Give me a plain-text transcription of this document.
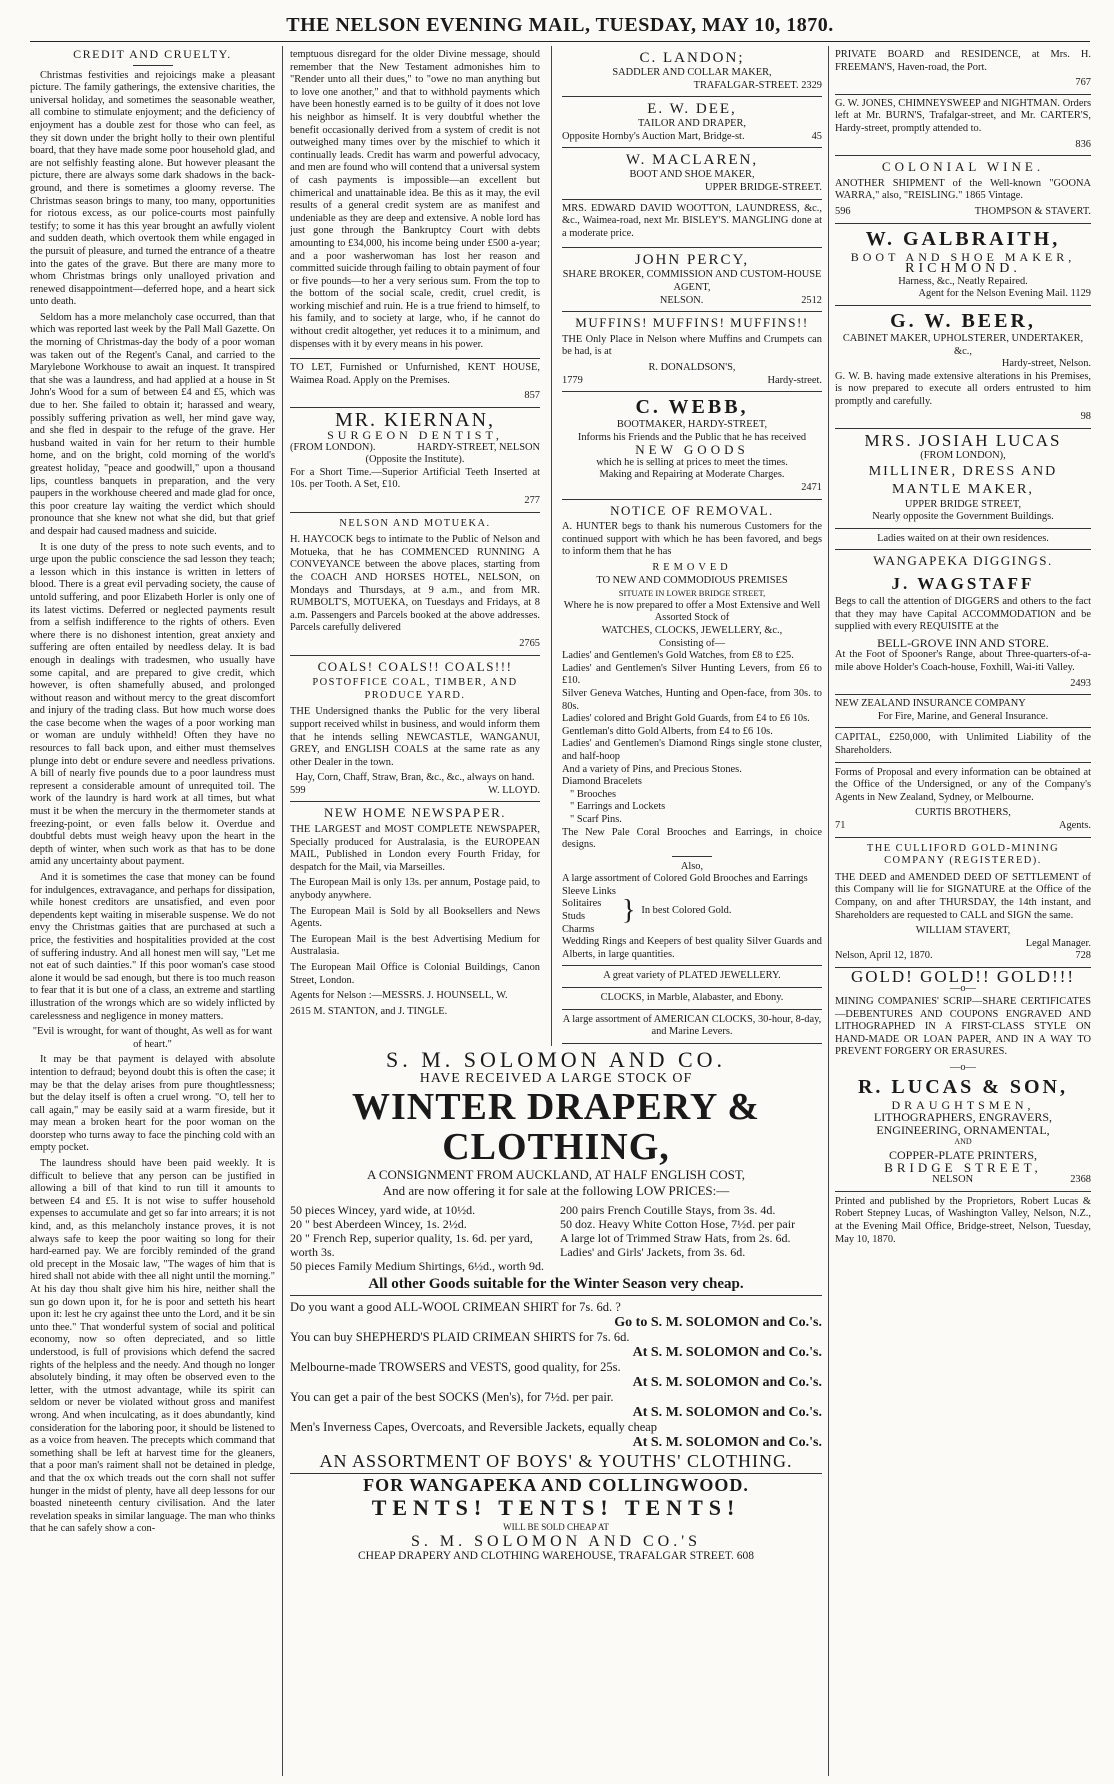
THE NELSON EVENING MAIL, TUESDAY, MAY 10, 1870.
CREDIT AND CRUELTY.

Christmas festivities and rejoicings make a pleasant picture. The family gatherings, the extensive charities, the universal holiday, and sometimes the seasonable weather, all combine to stimulate enjoyment; and the deficiency of enjoyment has a double zest for those who can feel, as they sit down under the bright holly to their own plentiful board, that they have made some poor household glad, and are not selfishly feasting alone. But however pleasant the picture, there are always some dark shadows in the back-ground, and there is sometimes a gloomy reverse. The Christmas season brings to many, too many, opportunities for riotous excess, as our police-courts most painfully testify; to some it has this year brought an awfully violent and sudden death, which overtook them while engaged in the pursuit of pleasure, and turned the entrance of a theatre into the gates of the grave. But there are many more to whom Christmas brings only unalloyed privation and renewed disappointment—deferred hope, and a heart sick unto death.

Seldom has a more melancholy case occurred, than that which was reported last week by the Pall Mall Gazette. On the morning of Christmas-day the body of a poor woman was taken out of the Regent's Canal, and carried to the Marylebone Workhouse to await an inquest. It transpired that she was a laundress, and had applied at a house in St John's Wood for a sum of between £4 and £5, which was due to her. She failed to obtain it; harassed and weary, possibly suffering privation as well, her mind gave way, and she fled in despair to the refuge of the grave. Her husband waited in vain for her return to their humble home, and on the bright, cold morning of the world's greatest holiday, "peace and goodwill," upon a thousand lips, countless banquets in preparation, and the very paupers in the workhouse cheered and made glad for once, this poor creature lay waiting the verdict which should pronounce that she knew not what she did, but that grief and despair had caused madness and suicide.

It is one duty of the press to note such events, and to urge upon the public conscience the sad lesson they teach; a lesson which in this instance is written in letters of blood. There is a great evil pervading society, the cause of untold suffering, and poor Elizabeth Horler is only one of its latest victims. Deferred or neglected payments result from a selfish indifference to the rights of others. Even where there is no dishonest intention, great anxiety and suffering are often entailed by needless delay. It is bad enough in dealings with tradesmen, who usually have some capital, and are prepared to give credit, which however, is often shamefully abused, and prolonged without reason and without mercy to the great discomfort and injury of the trading class. But how much worse does the case become when the wages of a poor working man or woman are unduly withheld! Often they have no resources to fall back upon, and either must themselves plunge into debt or endure severe and needless privations. A bill of nearly five pounds due to a poor laundress must represent a considerable amount of unrequited toil. The work of the laundry is hard work at all times, but what must it be when the mercury in the thermometer stands at freezing-point, or even falls below it. Overdue and doubtful debts must weigh heavy upon the heart in the depth of winter, when such work as that has to be done amid any uncertainty about payment.

And it is sometimes the case that money can be found for indulgences, extravagance, and perhaps for dissipation, while honest creditors are unsatisfied, and even poor dependents kept waiting in miserable suspense. We do not envy the Christmas gaities that are purchased at such a price, the festivities and hospitalities provided at the cost of suffering industry. And all honest men will say, "Let me not eat of such dainties." If this poor woman's case stood alone it would be sad enough, but there is too much reason to fear that it is but one of a class, an extreme and startling illustration of the wrongs which are so widely inflicted by carelessness and negligence in money matters.

"Evil is wrought, for want of thought, As well as for want of heart."

It may be that payment is delayed with absolute intention to defraud; beyond doubt this is often the case; it may be that the delay arises from pure thoughtlessness; but the delay itself is often a cruel wrong. "O, tell her to call again," may be easily said at a warm fireside, but it may mean a broken heart for the poor woman on the doorstep who turns away to face the pinching cold with an empty pocket.

The laundress should have been paid weekly. It is difficult to believe that any person can be justified in allowing a bill of that kind to run till it amounts to between £4 and £5. It is not wise to suffer household expenses to accumulate and get so far into arrears; it is not kind, and, as this melancholy instance proves, it is not always safe to keep the poor waiting so long for their hard-earned pay. We are forcibly reminded of the grand old precept in the Mosaic law, "The wages of him that is hired shall not abide with thee all night until the morning." At his day thou shalt give him his hire, neither shall the sun go down upon it, for he is poor and setteth his heart upon it: lest he cry against thee unto the Lord, and it be sin unto thee." That wonderful system of social and political economy, now so often depreciated, and so little understood, is full of provisions which defend the sacred rights of the helpless and the needy. And though no longer absolutely binding, it may often be observed even to the letter, with the utmost advantage, while its spirit can seldom or never be violated without gross and manifest wrong. And when inculcating, as it does abundantly, kind consideration for the laboring poor, it should be listened to as a voice from heaven. The precepts which command that something shall be left at harvest time for the gleaners, that a poor man's raiment shall not be detained in pledge, and that the ox which treads out the corn shall not suffer hunger in the midst of plenty, have all deep lessons for our boasted nineteenth century civilisation. And the later revelation speaks in similar language. The man who thinks that he can safely show a con-

temptuous disregard for the older Divine message, should remember that the New Testament admonishes him to "Render unto all their dues," to "owe no man anything but to love one another," and that to withhold payments which have been honestly earned is to be guilty of it does not love his neighbor as himself. It is very doubtful whether the benefit occasionally derived from a system of credit is not outweighed many times over by the mischief to which it continually leads. Credit has warm and powerful advocacy, and men are found who will contend that a universal system of cash payments is impossible—an excellent but chimerical and unattainable idea. Be this as it may, the evil results of a general credit system are as manifest and undeniable as they are deep and extensive. A noble lord has just gone through the Bankruptcy Court with debts amounting to £34,000, his income being under £500 a-year; and a poor washerwoman has lost her reason and committed suicide through failing to obtain payment of four or five pounds—to her a very serious sum. From the top to the bottom of the social scale, credit, cruel credit, is working mischief and ruin. He is a true friend to himself, to his family, and to society at large, who, if he cannot do without credit altogether, yet reduces it to a minimum, and dispenses with it by every means in his power.

TO LET, Furnished or Unfurnished, KENT HOUSE, Waimea Road. Apply on the Premises.

857
MR. KIERNAN,
SURGEON DENTIST,
(FROM LONDON).	HARDY-STREET, NELSON
(Opposite the Institute).

For a Short Time.—Superior Artificial Teeth Inserted at 10s. per Tooth. A Set, £10.

277
NELSON AND MOTUEKA.

H. HAYCOCK begs to intimate to the Public of Nelson and Motueka, that he has COMMENCED RUNNING A CONVEYANCE between the above places, starting from the COACH AND HORSES HOTEL, NELSON, on Mondays and Thursdays, at 9 a.m., and from MR. RUMBOLT'S, MOTUEKA, on Tuesdays and Fridays, at 8 a.m. Passengers and Parcels booked at the above addresses. Parcels carefully delivered

2765
COALS! COALS!! COALS!!!
POSTOFFICE COAL, TIMBER, AND PRODUCE YARD.

THE Undersigned thanks the Public for the very liberal support received whilst in business, and would inform them that he intends selling NEWCASTLE, WANGANUI, GREY, and ENGLISH COALS at the same rate as any other Dealer in the town.

Hay, Corn, Chaff, Straw, Bran, &c., &c., always on hand.
599	W. LLOYD.
NEW HOME NEWSPAPER.

THE LARGEST and MOST COMPLETE NEWSPAPER, Specially produced for Australasia, is the EUROPEAN MAIL, Published in London every Fourth Friday, for despatch for the Mail, via Marseilles.

The European Mail is only 13s. per annum, Postage paid, to anybody anywhere.

The European Mail is Sold by all Booksellers and News Agents.

The European Mail is the best Advertising Medium for Australasia.

The European Mail Office is Colonial Buildings, Canon Street, London.

Agents for Nelson :—MESSRS. J. HOUNSELL, W.

2615 M. STANTON, and J. TINGLE.
C. LANDON;
SADDLER AND COLLAR MAKER,
TRAFALGAR-STREET. 2329
E. W. DEE,
TAILOR AND DRAPER,
Opposite Hornby's Auction Mart, Bridge-st.	45
W. MACLAREN,
BOOT AND SHOE MAKER,
UPPER BRIDGE-STREET.

MRS. EDWARD DAVID WOOTTON, LAUNDRESS, &c., &c., Waimea-road, next Mr. BISLEY'S. MANGLING done at a moderate price.

JOHN PERCY,
SHARE BROKER, COMMISSION AND CUSTOM-HOUSE AGENT,
NELSON.	2512
MUFFINS! MUFFINS! MUFFINS!!

THE Only Place in Nelson where Muffins and Crumpets can be had, is at

R. DONALDSON'S,
1779	Hardy-street.
C. WEBB,
BOOTMAKER, HARDY-STREET,
Informs his Friends and the Public that he has received
NEW GOODS
which he is selling at prices to meet the times.
Making and Repairing at Moderate Charges.
2471
NOTICE OF REMOVAL.

A. HUNTER begs to thank his numerous Customers for the continued support with which he has been favored, and begs to inform them that he has

REMOVED
TO NEW AND COMMODIOUS PREMISES
SITUATE IN LOWER BRIDGE STREET,
Where he is now prepared to offer a Most Extensive and Well Assorted Stock of
WATCHES, CLOCKS, JEWELLERY, &c.,
Consisting of—
Ladies' and Gentlemen's Gold Watches, from £8 to £25.
Ladies' and Gentlemen's Silver Hunting Levers, from £6 to £10.
Silver Geneva Watches, Hunting and Open-face, from 30s. to 80s.
Ladies' colored and Bright Gold Guards, from £4 to £6 10s.
Gentleman's ditto Gold Alberts, from £4 to £6 10s.
Ladies' and Gentlemen's Diamond Rings single stone cluster, and half-hoop
And a variety of Pins, and Precious Stones.
Diamond Bracelets
" Brooches
" Earrings and Lockets
" Scarf Pins.
The New Pale Coral Brooches and Earrings, in choice designs.
Also,
A large assortment of Colored Gold Brooches and Earrings
Sleeve Links
Solitaires
Studs
Charms
} In best Colored Gold.
Wedding Rings and Keepers of best quality Silver Guards and Alberts, in large quantities.
A great variety of PLATED JEWELLERY.
CLOCKS, in Marble, Alabaster, and Ebony.
A large assortment of AMERICAN CLOCKS, 30-hour, 8-day, and Marine Levers.

PRIVATE BOARD and RESIDENCE, at Mrs. H. FREEMAN'S, Haven-road, the Port.

767

G. W. JONES, CHIMNEYSWEEP and NIGHTMAN. Orders left at Mr. BURN'S, Trafalgar-street, and Mr. CARTER'S, Hardy-street, promptly attended to.

836
COLONIAL WINE.

ANOTHER SHIPMENT of the Well-known "GOONA WARRA," also, "REISLING." 1865 Vintage.

596	THOMPSON & STAVERT.
W. GALBRAITH,
BOOT AND SHOE MAKER,
RICHMOND.
Harness, &c., Neatly Repaired.
Agent for the Nelson Evening Mail. 1129
G. W. BEER,
CABINET MAKER, UPHOLSTERER, UNDERTAKER, &c.,
Hardy-street, Nelson.

G. W. B. having made extensive alterations in his Premises, is now prepared to execute all orders entrusted to him promptly and carefully.

98
MRS. JOSIAH LUCAS
(FROM LONDON),
MILLINER, DRESS AND MANTLE MAKER,
UPPER BRIDGE STREET,
Nearly opposite the Government Buildings.
Ladies waited on at their own residences.
WANGAPEKA DIGGINGS.
J. WAGSTAFF

Begs to call the attention of DIGGERS and others to the fact that they may have Capital ACCOMMODATION and be supplied with every REQUISITE at the

BELL-GROVE INN AND STORE.

At the Foot of Spooner's Range, about Three-quarters-of-a-mile above Holder's Coach-house, Foxhill, Wai-iti Valley.

2493
NEW ZEALAND INSURANCE COMPANY
For Fire, Marine, and General Insurance.

CAPITAL, £250,000, with Unlimited Liability of the Shareholders.

Forms of Proposal and every information can be obtained at the Office of the Undersigned, or any of the Company's Agents in New Zealand, Sydney, or Melbourne.

CURTIS BROTHERS,
71	Agents.
THE CULLIFORD GOLD-MINING COMPANY (REGISTERED).

THE DEED and AMENDED DEED OF SETTLEMENT of this Company will lie for SIGNATURE at the Office of the Company, on and after THURSDAY, the 14th instant, and Shareholders are requested to CALL and SIGN the same.

WILLIAM STAVERT,
Legal Manager.
Nelson, April 12, 1870.	728
GOLD! GOLD!! GOLD!!!
—o—

MINING COMPANIES' SCRIP—SHARE CERTIFICATES—DEBENTURES AND COUPONS ENGRAVED AND LITHOGRAPHED IN A FIRST-CLASS STYLE ON HAND-MADE OR LOAN PAPER, AND IN A WAY TO PREVENT FORGERY OR ERASURES.

—o—
R. LUCAS & SON,
DRAUGHTSMEN,
LITHOGRAPHERS, ENGRAVERS,
ENGINEERING, ORNAMENTAL,
AND
COPPER-PLATE PRINTERS,
BRIDGE STREET,
NELSON	2368

Printed and published by the Proprietors, Robert Lucas & Robert Stepney Lucas, of Washington Valley, Nelson, N.Z., at the Evening Mail Office, Bridge-street, Nelson, Tuesday, May 10, 1870.

S. M. SOLOMON AND CO.
HAVE RECEIVED A LARGE STOCK OF
WINTER DRAPERY & CLOTHING,
A CONSIGNMENT FROM AUCKLAND, AT HALF ENGLISH COST,
And are now offering it for sale at the following LOW PRICES:—
50 pieces Wincey, yard wide, at 10½d.
20 " best Aberdeen Wincey, 1s. 2½d.
20 " French Rep, superior quality, 1s. 6d. per yard, worth 3s.
50 pieces Family Medium Shirtings, 6½d., worth 9d.
200 pairs French Coutille Stays, from 3s. 4d.
50 doz. Heavy White Cotton Hose, 7½d. per pair
A large lot of Trimmed Straw Hats, from 2s. 6d.
Ladies' and Girls' Jackets, from 3s. 6d.
All other Goods suitable for the Winter Season very cheap.
Do you want a good ALL-WOOL CRIMEAN SHIRT for 7s. 6d. ?
Go to S. M. SOLOMON and Co.'s.
You can buy SHEPHERD'S PLAID CRIMEAN SHIRTS for 7s. 6d.
At S. M. SOLOMON and Co.'s.
Melbourne-made TROWSERS and VESTS, good quality, for 25s.
At S. M. SOLOMON and Co.'s.
You can get a pair of the best SOCKS (Men's), for 7½d. per pair.
At S. M. SOLOMON and Co.'s.
Men's Inverness Capes, Overcoats, and Reversible Jackets, equally cheap
At S. M. SOLOMON and Co.'s.
AN ASSORTMENT OF BOYS' & YOUTHS' CLOTHING.
FOR WANGAPEKA AND COLLINGWOOD.
TENTS! TENTS! TENTS!
WILL BE SOLD CHEAP AT
S. M. SOLOMON AND CO.'S
CHEAP DRAPERY AND CLOTHING WAREHOUSE, TRAFALGAR STREET. 608
